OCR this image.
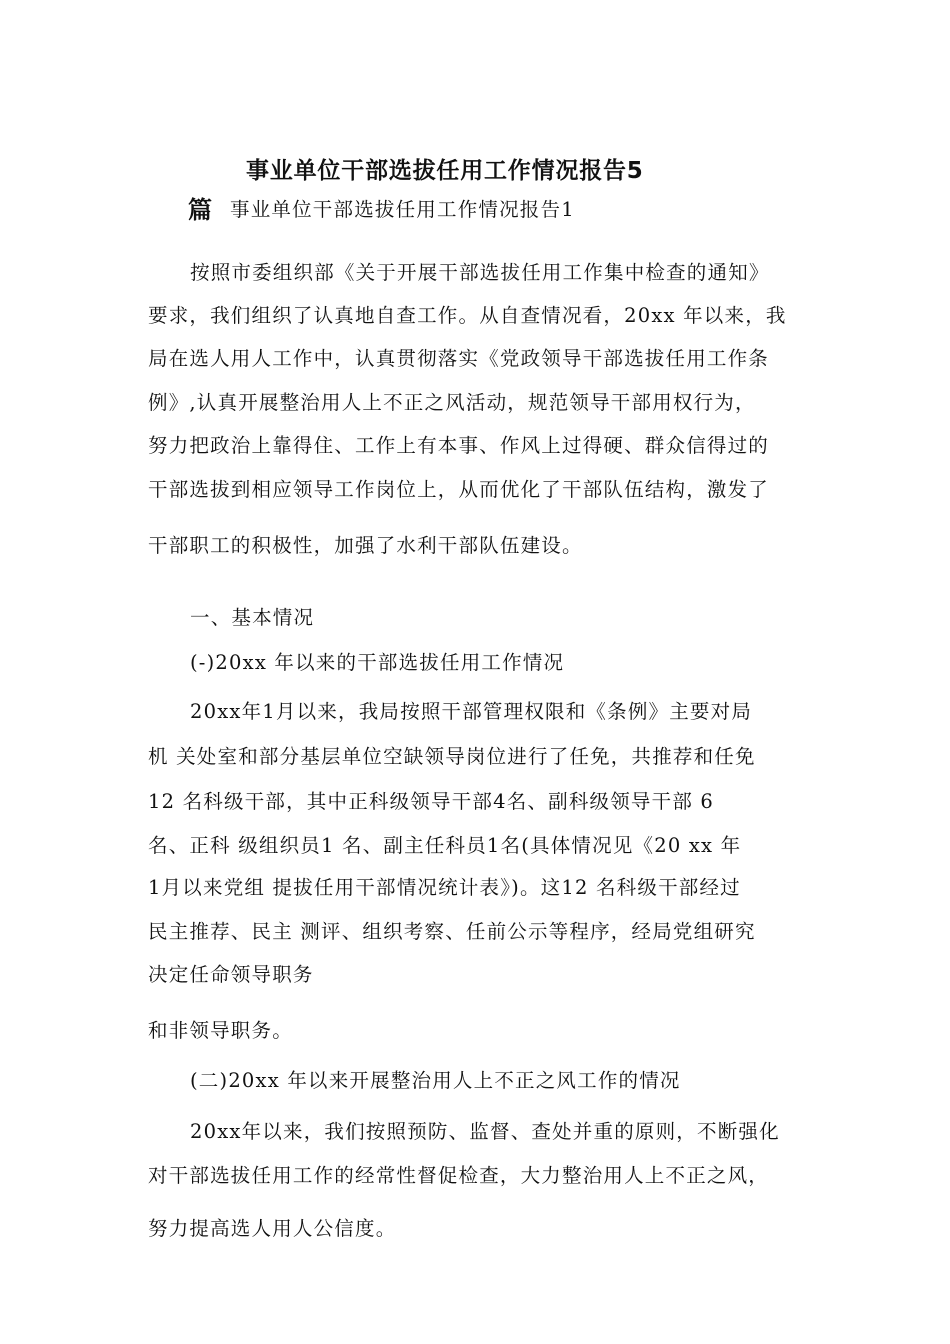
事业单位干部选拔任用工作情况报告5
篇 事业单位干部选拔任用工作情况报告1
按照市委组织部《关于开展干部选拔任用工作集中检查的通知》
要求，我们组织了认真地自查工作。从自查情况看，20xx 年以来，我
局在选人用人工作中，认真贯彻落实《党政领导干部选拔任用工作条
例》,认真开展整治用人上不正之风活动，规范领导干部用权行为，
努力把政治上靠得住、工作上有本事、作风上过得硬、群众信得过的
干部选拔到相应领导工作岗位上，从而优化了干部队伍结构，激发了
干部职工的积极性，加强了水利干部队伍建设。
一、基本情况
(-)20xx 年以来的干部选拔任用工作情况
20xx年1月以来，我局按照干部管理权限和《条例》主要对局
机 关处室和部分基层单位空缺领导岗位进行了任免，共推荐和任免
12 名科级干部，其中正科级领导干部4名、副科级领导干部 6
名、正科 级组织员1 名、副主任科员1名(具体情况见《20 xx 年
1月以来党组 提拔任用干部情况统计表》)。这12 名科级干部经过
民主推荐、民主 测评、组织考察、任前公示等程序，经局党组研究
决定任命领导职务
和非领导职务。
(二)20xx 年以来开展整治用人上不正之风工作的情况
20xx年以来，我们按照预防、监督、查处并重的原则，不断强化
对干部选拔任用工作的经常性督促检查，大力整治用人上不正之风，
努力提高选人用人公信度。
